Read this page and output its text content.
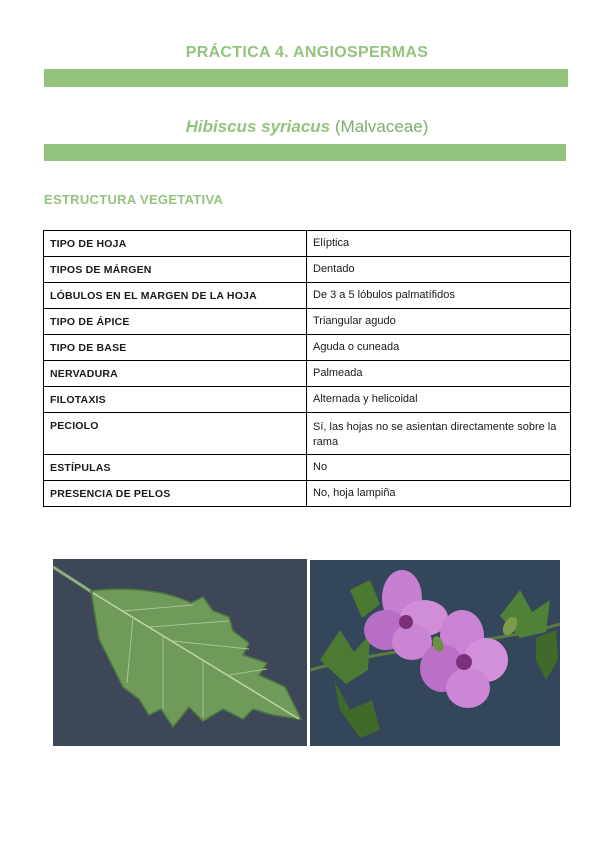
PRÁCTICA 4. ANGIOSPERMAS
Hibiscus syriacus (Malvaceae)
ESTRUCTURA VEGETATIVA
TIPO DE HOJA	Elíptica
TIPOS DE MÁRGEN	Dentado
LÓBULOS EN EL MARGEN DE LA HOJA	De 3 a 5 lóbulos palmatífidos
TIPO DE ÁPICE	Triangular agudo
TIPO DE BASE	Aguda o cuneada
NERVADURA	Palmeada
FILOTAXIS	Alternada y helicoidal
PECIOLO	Sí, las hojas no se asientan directamente sobre la rama
ESTÍPULAS	No
PRESENCIA DE PELOS	No, hoja lampiña
